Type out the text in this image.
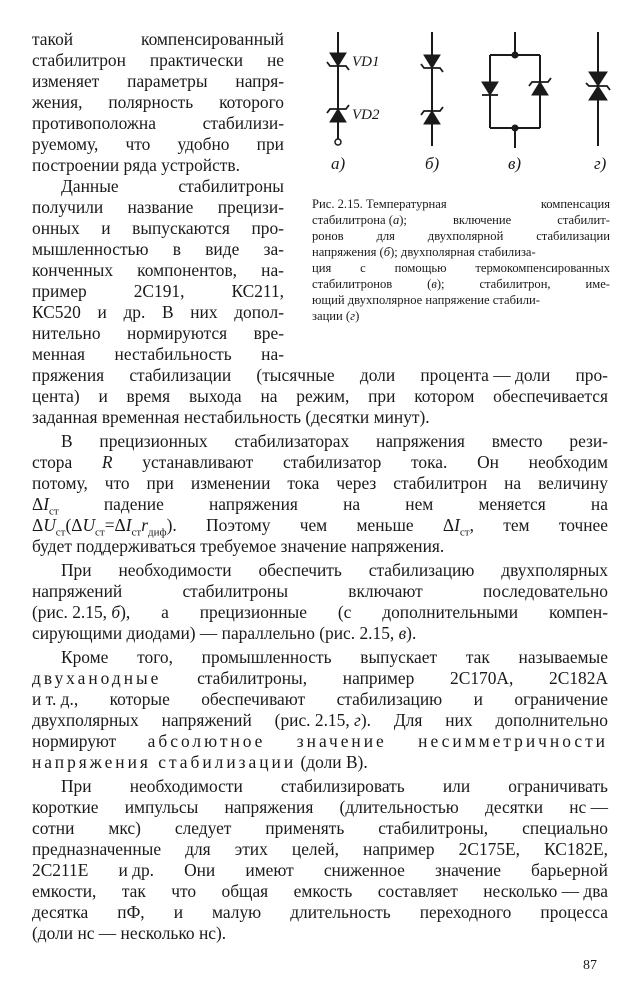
такой	компенсированный
стабилитрон практически не
изменяет параметры напря-
жения, полярность которого
противоположна	стабилизи-
руемому, что удобно при
построении ряда устройств.
Данные	стабилитроны
получили название прецизи-
онных и выпускаются про-
мышленностью в виде за-
конченных компонентов, на-
пример	2С191,	КС211,
КС520 и др. В них допол-
нительно нормируются вре-
менная нестабильность на-
VD1
VD2
а)	б)	в)	г)
Рис. 2.15. Температурная	компенсация
стабилитрона (а);	включение	стабилит-
ронов	для	двухполярной	стабилизации
напряжения (б); двухполярная стабилиза-
ция с помощью термокомпенсированных
стабилитронов	(в);	стабилитрон,	име-
ющий двухполярное напряжение стабили-
зации (г)
пряжения стабилизации (тысячные доли процента — доли про-
цента) и время выхода на режим, при котором обеспечивается
заданная временная нестабильность (десятки минут).
В прецизионных стабилизаторах напряжения вместо рези-
стора R устанавливают стабилизатор тока. Он необходим
потому, что при изменении тока через стабилитрон на величину
$\Delta I_{ст}$	падение	напряжения	на	нем	меняется	на
$\Delta U_{ст}(\Delta U_{ст}=\Delta I_{ст}r_{диф})$. Поэтому чем меньше $\Delta I_{ст}$, тем точнее
будет поддерживаться требуемое значение напряжения.
При необходимости обеспечить стабилизацию двухполярных
напряжений	стабилитроны	включают	последовательно
(рис. 2.15, б), а прецизионные (с дополнительными компен-
сирующими диодами) — параллельно (рис. 2.15, в).
Кроме того, промышленность выпускает так называемые
двуханодные стабилитроны, например 2С170А, 2С182А
и т. д., которые обеспечивают стабилизацию и ограничение
двухполярных напряжений (рис. 2.15, г). Для них дополнительно
нормируют абсолютное значение несимметричности
напряжения стабилизации (доли В).
При необходимости стабилизировать или ограничивать
короткие импульсы напряжения (длительностью десятки нс —
сотни мкс) следует применять стабилитроны, специально
предназначенные для этих целей, например 2С175Е, КС182Е,
2С211Е и др. Они имеют сниженное значение барьерной
емкости, так что общая емкость составляет несколько — два
десятка пФ, и малую длительность переходного процесса
(доли нс — несколько нс).
87
